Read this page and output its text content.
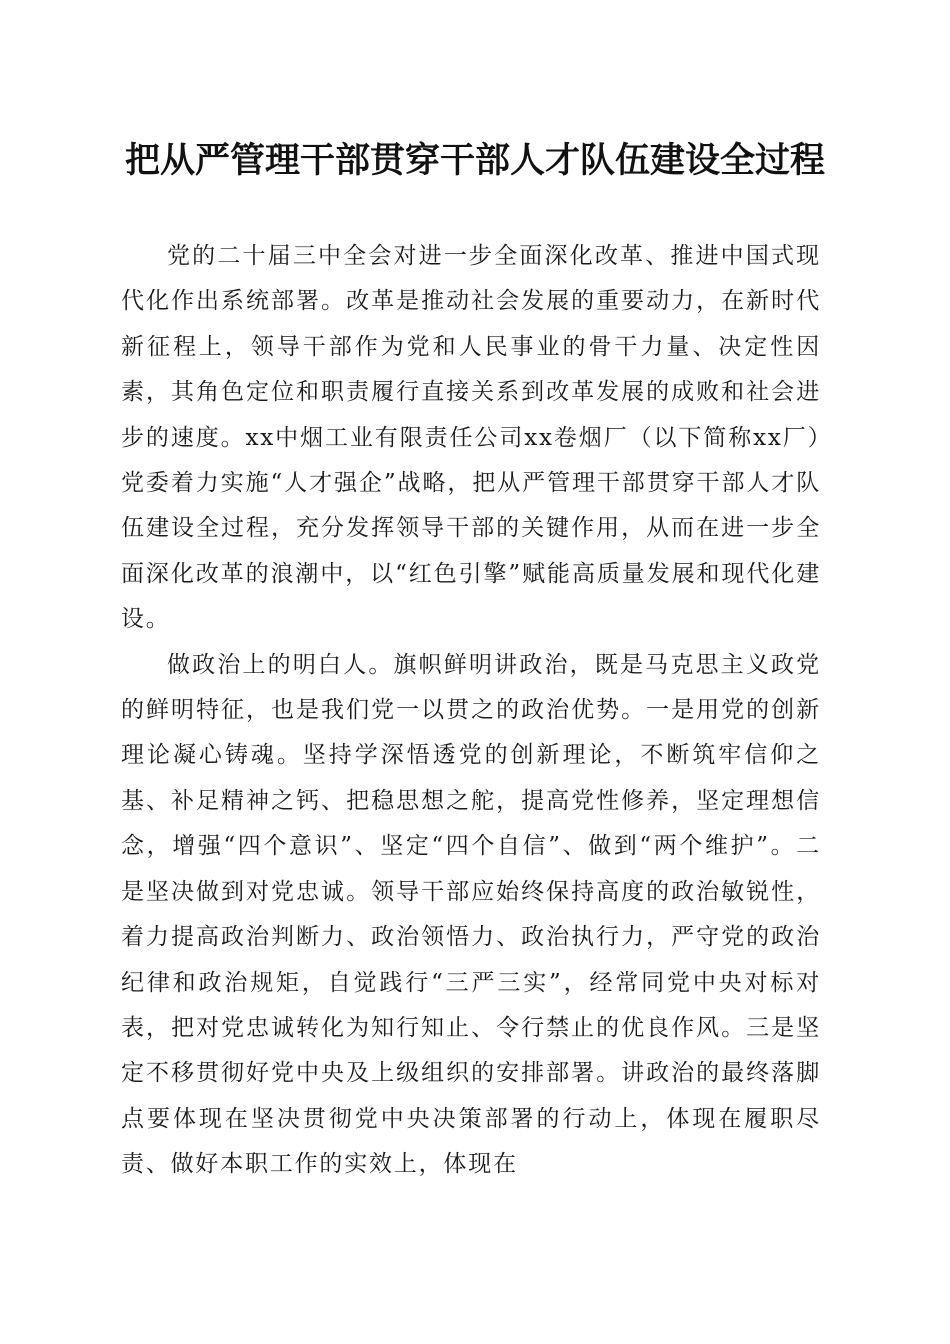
把从严管理干部贯穿干部人才队伍建设全过程

党的二十届三中全会对进一步全面深化改革、推进中国式现代化作出系统部署。改革是推动社会发展的重要动力，在新时代新征程上，领导干部作为党和人民事业的骨干力量、决定性因素，其角色定位和职责履行直接关系到改革发展的成败和社会进步的速度。xx中烟工业有限责任公司xx卷烟厂（以下简称xx厂）党委着力实施“人才强企”战略，把从严管理干部贯穿干部人才队伍建设全过程，充分发挥领导干部的关键作用，从而在进一步全面深化改革的浪潮中，以“红色引擎”赋能高质量发展和现代化建设。

做政治上的明白人。旗帜鲜明讲政治，既是马克思主义政党的鲜明特征，也是我们党一以贯之的政治优势。一是用党的创新理论凝心铸魂。坚持学深悟透党的创新理论，不断筑牢信仰之基、补足精神之钙、把稳思想之舵，提高党性修养，坚定理想信念，增强“四个意识”、坚定“四个自信”、做到“两个维护”。二是坚决做到对党忠诚。领导干部应始终保持高度的政治敏锐性，着力提高政治判断力、政治领悟力、政治执行力，严守党的政治纪律和政治规矩，自觉践行“三严三实”，经常同党中央对标对表，把对党忠诚转化为知行知止、令行禁止的优良作风。三是坚定不移贯彻好党中央及上级组织的安排部署。讲政治的最终落脚点要体现在坚决贯彻党中央决策部署的行动上，体现在履职尽责、做好本职工作的实效上，体现在
